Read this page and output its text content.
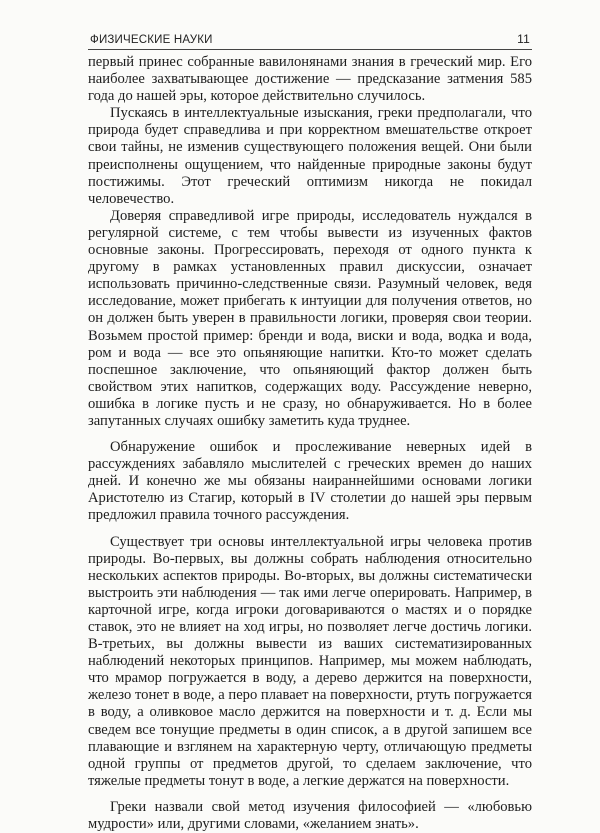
ФИЗИЧЕСКИЕ НАУКИ	11

первый принес собранные вавилонянами знания в греческий мир. Его наиболее захватывающее достижение — предсказание затмения 585 года до нашей эры, которое действительно случилось.

Пускаясь в интеллектуальные изыскания, греки предполагали, что природа будет справедлива и при корректном вмешательстве откроет свои тайны, не изменив существующего положения вещей. Они были преисполнены ощущением, что найденные природные законы будут постижимы. Этот греческий оптимизм никогда не покидал человечество.

Доверяя справедливой игре природы, исследователь нуждался в регулярной системе, с тем чтобы вывести из изученных фактов основные законы. Прогрессировать, переходя от одного пункта к другому в рамках установленных правил дискуссии, означает использовать причинно-следственные связи. Разумный человек, ведя исследование, может прибегать к интуиции для получения ответов, но он должен быть уверен в правильности логики, проверяя свои теории. Возьмем простой пример: бренди и вода, виски и вода, водка и вода, ром и вода — все это опьяняющие напитки. Кто-то может сделать поспешное заключение, что опьяняющий фактор должен быть свойством этих напитков, содержащих воду. Рассуждение неверно, ошибка в логике пусть и не сразу, но обнаруживается. Но в более запутанных случаях ошибку заметить куда труднее.

Обнаружение ошибок и прослеживание неверных идей в рассуждениях забавляло мыслителей с греческих времен до наших дней. И конечно же мы обязаны наираннейшими основами логики Аристотелю из Стагир, который в IV столетии до нашей эры первым предложил правила точного рассуждения.

Существует три основы интеллектуальной игры человека против природы. Во-первых, вы должны собрать наблюдения относительно нескольких аспектов природы. Во-вторых, вы должны систематически выстроить эти наблюдения — так ими легче оперировать. Например, в карточной игре, когда игроки договариваются о мастях и о порядке ставок, это не влияет на ход игры, но позволяет легче достичь логики. В-третьих, вы должны вывести из ваших систематизированных наблюдений некоторых принципов. Например, мы можем наблюдать, что мрамор погружается в воду, а дерево держится на поверхности, железо тонет в воде, а перо плавает на поверхности, ртуть погружается в воду, а оливковое масло держится на поверхности и т. д. Если мы сведем все тонущие предметы в один список, а в другой запишем все плавающие и взглянем на характерную черту, отличающую предметы одной группы от предметов другой, то сделаем заключение, что тяжелые предметы тонут в воде, а легкие держатся на поверхности.

Греки назвали свой метод изучения философией — «любовью мудрости» или, другими словами, «желанием знать».
